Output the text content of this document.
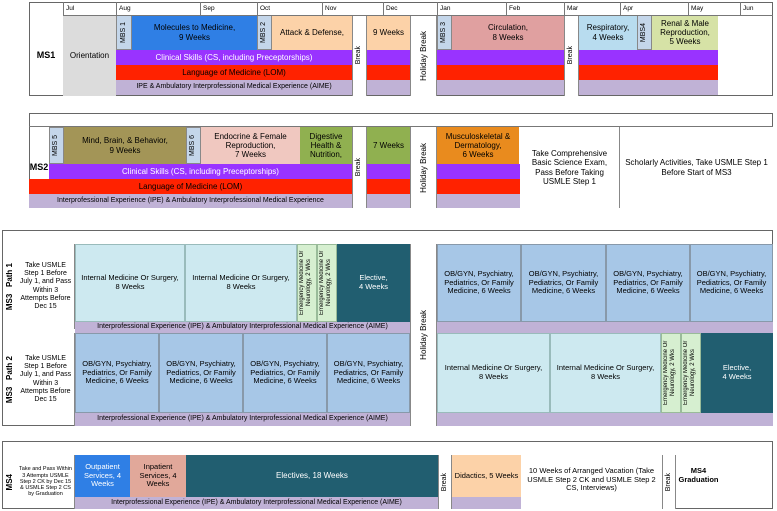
MS1	Orientation
MBS 1	Molecules to Medicine,
9 Weeks	MBS 2	Attack & Defense,
Break
9 Weeks	Holiday Break MBS 3	Circulation,
8 Weeks
Break
Respiratory,
4 Weeks MBS4	Renal & Male Reproduction,
5 Weeks
Clinical Skills (CS, including Preceptorships)
Language of Medicine (LOM)
IPE & Ambulatory Interprofessional Medical Experience (AIME)
MS2
MBS 5	Mind, Brain, & Behavior,
9 Weeks	MBS 6	Endocrine & Female Reproduction,
7 Weeks
Digestive Health & Nutrition,
Break
7 Weeks	Holiday Break
Musculoskeletal & Dermatology,
6 Weeks	Take Comprehensive Basic Science Exam, Pass Before Taking USMLE Step 1
Scholarly Activities, Take USMLE Step 1 Before Start of MS3
Clinical Skills (CS, including Preceptorships)
Language of Medicine (LOM)
Interprofessional Experience (IPE) & Ambulatory Interprofessional Medical Experience
MS3   Path 1
MS3   Path 2
Take USMLE Step 1 Before July 1, and Pass Within 3 Attempts Before Dec 15
Take USMLE Step 1 Before July 1, and Pass Within 3 Attempts Before Dec 15
Internal Medicine Or Surgery,
8 Weeks
Internal Medicine Or Surgery,
8 Weeks	Emergency Medicine Or Neurology, 2 Wks	Emergency Medicine Or Neurology, 2 Wks	Elective,
4 Weeks
Interprofessional Experience (IPE) & Ambulatory Interprofessional Medical Experience (AIME)	Holiday Break
OB/GYN, Psychiatry, Pediatrics, Or Family Medicine, 6 Weeks
OB/GYN, Psychiatry, Pediatrics, Or Family Medicine, 6 Weeks
OB/GYN, Psychiatry, Pediatrics, Or Family Medicine, 6 Weeks
OB/GYN, Psychiatry, Pediatrics, Or Family Medicine, 6 Weeks
OB/GYN, Psychiatry, Pediatrics, Or Family Medicine, 6 Weeks
OB/GYN, Psychiatry, Pediatrics, Or Family Medicine, 6 Weeks
OB/GYN, Psychiatry, Pediatrics, Or Family Medicine, 6 Weeks
OB/GYN, Psychiatry, Pediatrics, Or Family Medicine, 6 Weeks
Interprofessional Experience (IPE) & Ambulatory Interprofessional Medical Experience (AIME)
Internal Medicine Or Surgery,
8 Weeks
Internal Medicine Or Surgery,
8 Weeks	Emergency Medicine Or Neurology, 2 Wks	Emergency Medicine Or Neurology, 2 Wks	Elective,
4 Weeks
MS4
Take and Pass Within 3 Attempts USMLE Step 2 CK by Dec 15 & USMLE Step 2 CS by Graduation
Outpatient Services, 4 Weeks
Inpatient Services, 4 Weeks
Electives, 18 Weeks
Interprofessional Experience (IPE) & Ambulatory Interprofessional Medical Experience (AIME)
Break Didactics, 5 Weeks
10 Weeks of Arranged Vacation (Take USMLE Step 2 CK and USMLE Step 2 CS, Interviews)	Break
MS4 Graduation
Jul	Aug	Sep	Oct	Nov	Dec	Jan	Feb	Mar	Apr	May	Jun
